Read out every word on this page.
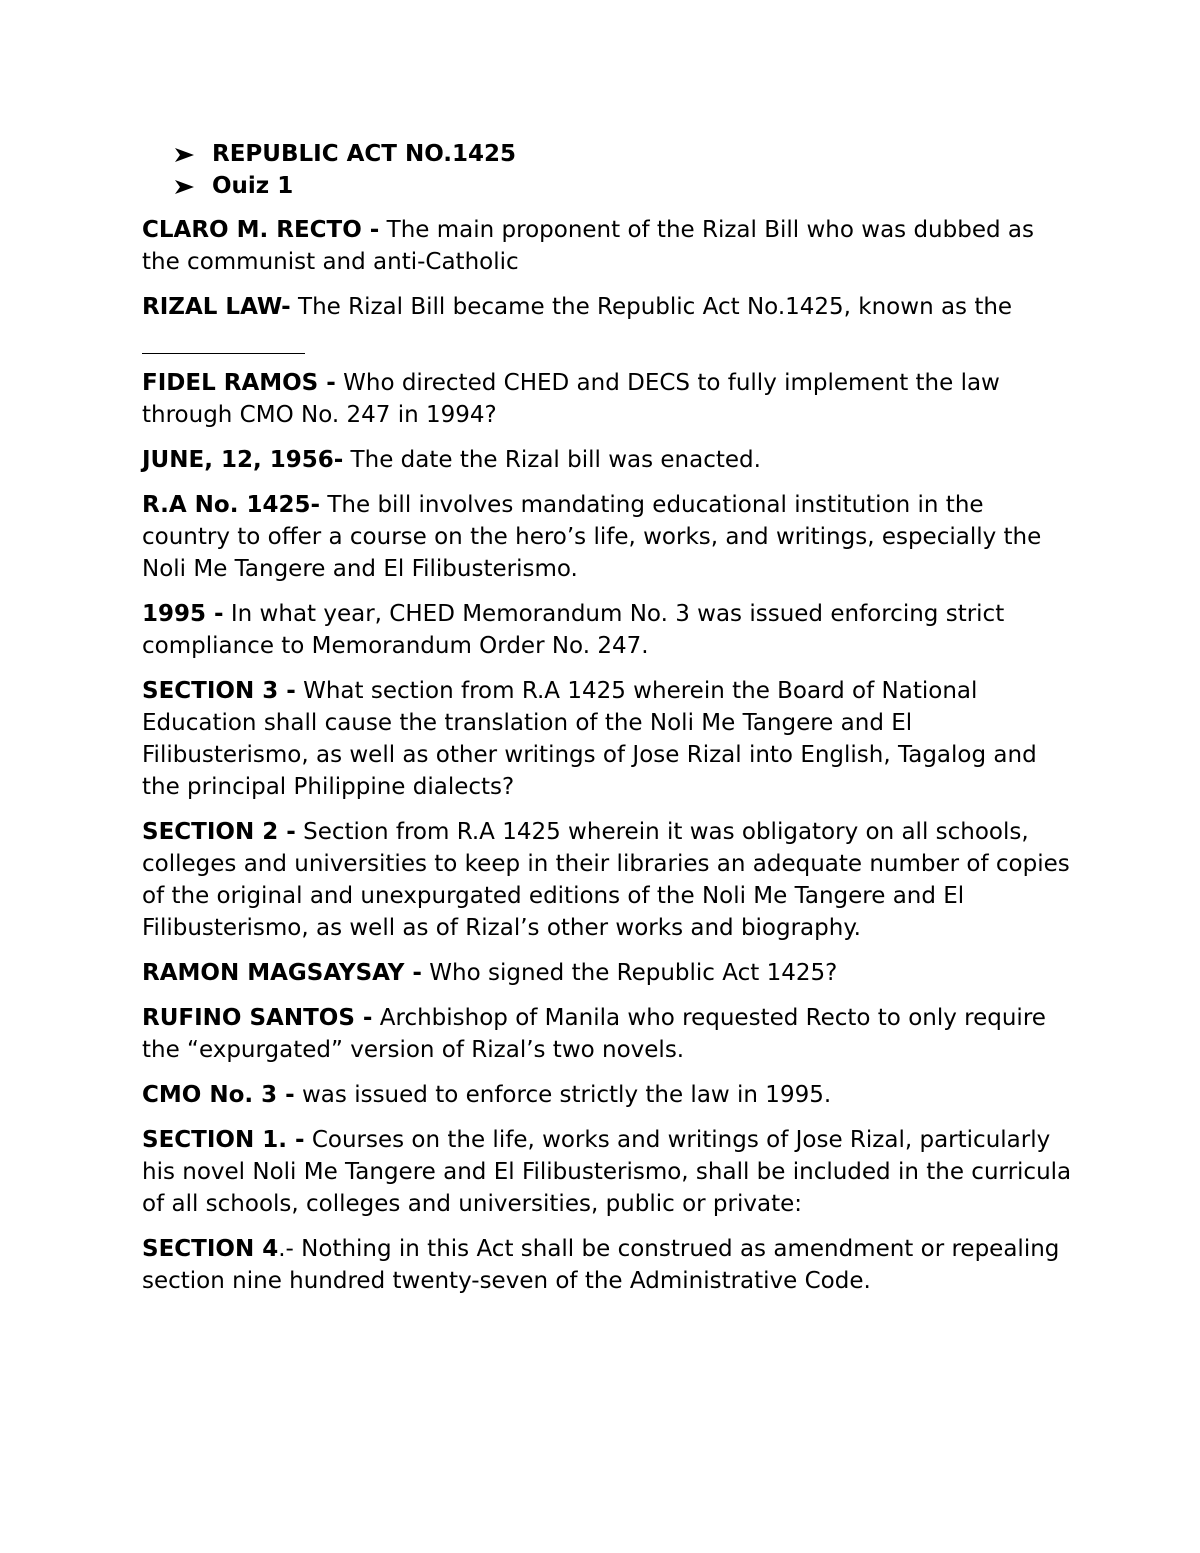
REPUBLIC ACT NO.1425
Ouiz 1

CLARO M. RECTO - The main proponent of the Rizal Bill who was dubbed as the communist and anti-Catholic

RIZAL LAW- The Rizal Bill became the Republic Act No.1425, known as the

FIDEL RAMOS - Who directed CHED and DECS to fully implement the law through CMO No. 247 in 1994?

JUNE, 12, 1956- The date the Rizal bill was enacted.

R.A No. 1425- The bill involves mandating educational institution in the country to offer a course on the hero’s life, works, and writings, especially the Noli Me Tangere and El Filibusterismo.

1995 - In what year, CHED Memorandum No. 3 was issued enforcing strict compliance to Memorandum Order No. 247.

SECTION 3 - What section from R.A 1425 wherein the Board of National Education shall cause the translation of the Noli Me Tangere and El Filibusterismo, as well as other writings of Jose Rizal into English, Tagalog and the principal Philippine dialects?

SECTION 2 - Section from R.A 1425 wherein it was obligatory on all schools, colleges and universities to keep in their libraries an adequate number of copies of the original and unexpurgated editions of the Noli Me Tangere and El Filibusterismo, as well as of Rizal’s other works and biography.

RAMON MAGSAYSAY - Who signed the Republic Act 1425?

RUFINO SANTOS - Archbishop of Manila who requested Recto to only require the “expurgated” version of Rizal’s two novels.

CMO No. 3 - was issued to enforce strictly the law in 1995.

SECTION 1. - Courses on the life, works and writings of Jose Rizal, particularly his novel Noli Me Tangere and El Filibusterismo, shall be included in the curricula of all schools, colleges and universities, public or private:

SECTION 4.- Nothing in this Act shall be construed as amendment or repealing section nine hundred twenty-seven of the Administrative Code.
